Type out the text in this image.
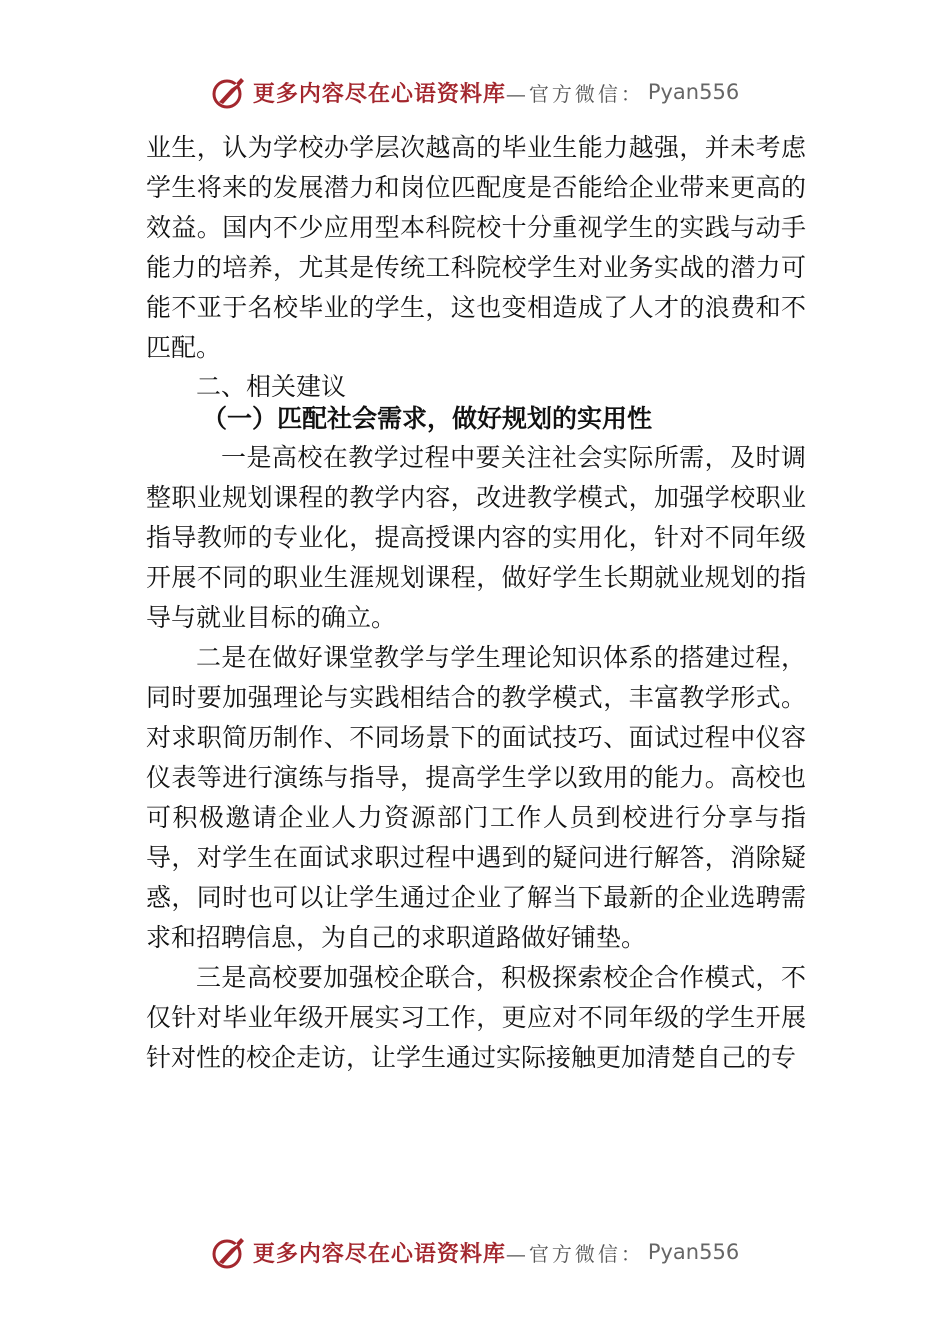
更多内容尽在心语资料库 —官方微信： Pyan556

业生，认为学校办学层次越高的毕业生能力越强，并未考虑学生将来的发展潜力和岗位匹配度是否能给企业带来更高的效益。国内不少应用型本科院校十分重视学生的实践与动手能力的培养，尤其是传统工科院校学生对业务实战的潜力可能不亚于名校毕业的学生，这也变相造成了人才的浪费和不匹配。

二、相关建议
（一）匹配社会需求，做好规划的实用性

一是高校在教学过程中要关注社会实际所需，及时调整职业规划课程的教学内容，改进教学模式，加强学校职业指导教师的专业化，提高授课内容的实用化，针对不同年级开展不同的职业生涯规划课程，做好学生长期就业规划的指导与就业目标的确立。

二是在做好课堂教学与学生理论知识体系的搭建过程，同时要加强理论与实践相结合的教学模式，丰富教学形式。对求职简历制作、不同场景下的面试技巧、面试过程中仪容仪表等进行演练与指导，提高学生学以致用的能力。高校也可积极邀请企业人力资源部门工作人员到校进行分享与指导，对学生在面试求职过程中遇到的疑问进行解答，消除疑惑，同时也可以让学生通过企业了解当下最新的企业选聘需求和招聘信息，为自己的求职道路做好铺垫。

三是高校要加强校企联合，积极探索校企合作模式，不仅针对毕业年级开展实习工作，更应对不同年级的学生开展针对性的校企走访，让学生通过实际接触更加清楚自己的专

更多内容尽在心语资料库 —官方微信： Pyan556
